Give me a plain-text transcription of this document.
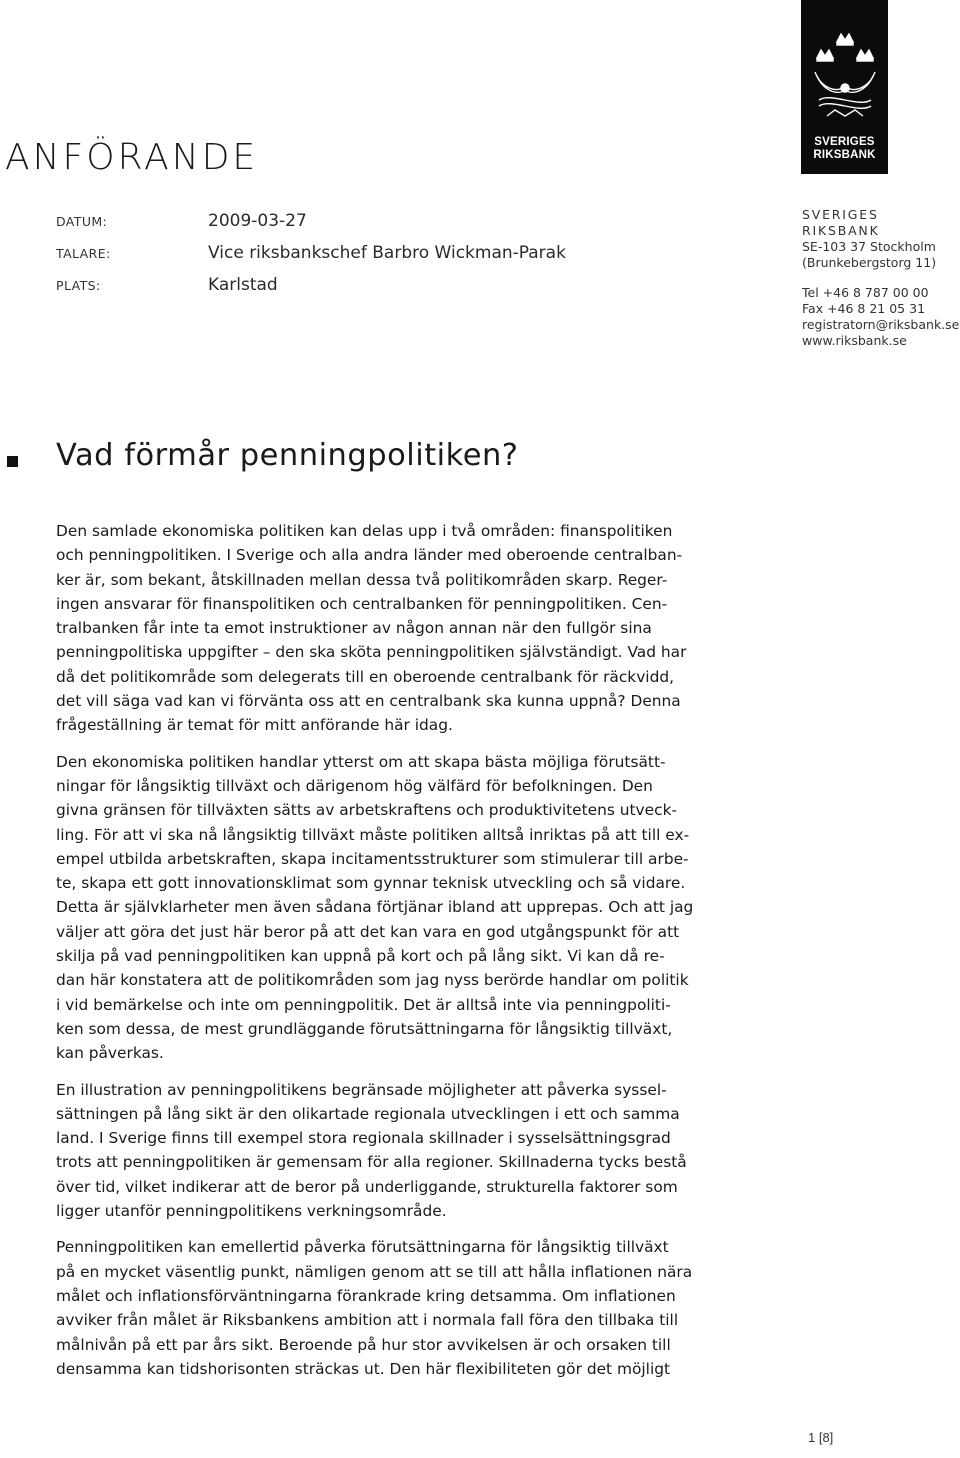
SVERIGES
RIKSBANK
ANFÖRANDE
DATUM:	2009-03-27
TALARE:	Vice riksbankschef Barbro Wickman-Parak
PLATS:	Karlstad
SVERIGES RIKSBANK
SE-103 37 Stockholm
(Brunkebergstorg 11)
Tel +46 8 787 00 00
Fax +46 8 21 05 31
registratorn@riksbank.se
www.riksbank.se
Vad förmår penningpolitiken?

Den samlade ekonomiska politiken kan delas upp i två områden: finanspolitiken
och penningpolitiken. I Sverige och alla andra länder med oberoende centralban-
ker är, som bekant, åtskillnaden mellan dessa två politikområden skarp. Reger-
ingen ansvarar för finanspolitiken och centralbanken för penningpolitiken. Cen-
tralbanken får inte ta emot instruktioner av någon annan när den fullgör sina
penningpolitiska uppgifter – den ska sköta penningpolitiken självständigt. Vad har
då det politikområde som delegerats till en oberoende centralbank för räckvidd,
det vill säga vad kan vi förvänta oss att en centralbank ska kunna uppnå? Denna
frågeställning är temat för mitt anförande här idag.

Den ekonomiska politiken handlar ytterst om att skapa bästa möjliga förutsätt-
ningar för långsiktig tillväxt och därigenom hög välfärd för befolkningen. Den
givna gränsen för tillväxten sätts av arbetskraftens och produktivitetens utveck-
ling. För att vi ska nå långsiktig tillväxt måste politiken alltså inriktas på att till ex-
empel utbilda arbetskraften, skapa incitamentsstrukturer som stimulerar till arbe-
te, skapa ett gott innovationsklimat som gynnar teknisk utveckling och så vidare.
Detta är självklarheter men även sådana förtjänar ibland att upprepas. Och att jag
väljer att göra det just här beror på att det kan vara en god utgångspunkt för att
skilja på vad penningpolitiken kan uppnå på kort och på lång sikt. Vi kan då re-
dan här konstatera att de politikområden som jag nyss berörde handlar om politik
i vid bemärkelse och inte om penningpolitik. Det är alltså inte via penningpoliti-
ken som dessa, de mest grundläggande förutsättningarna för långsiktig tillväxt,
kan påverkas.

En illustration av penningpolitikens begränsade möjligheter att påverka syssel-
sättningen på lång sikt är den olikartade regionala utvecklingen i ett och samma
land. I Sverige finns till exempel stora regionala skillnader i sysselsättningsgrad
trots att penningpolitiken är gemensam för alla regioner. Skillnaderna tycks bestå
över tid, vilket indikerar att de beror på underliggande, strukturella faktorer som
ligger utanför penningpolitikens verkningsområde.

Penningpolitiken kan emellertid påverka förutsättningarna för långsiktig tillväxt
på en mycket väsentlig punkt, nämligen genom att se till att hålla inflationen nära
målet och inflationsförväntningarna förankrade kring detsamma. Om inflationen
avviker från målet är Riksbankens ambition att i normala fall föra den tillbaka till
målnivån på ett par års sikt. Beroende på hur stor avvikelsen är och orsaken till
densamma kan tidshorisonten sträckas ut. Den här flexibiliteten gör det möjligt

1 [8]
